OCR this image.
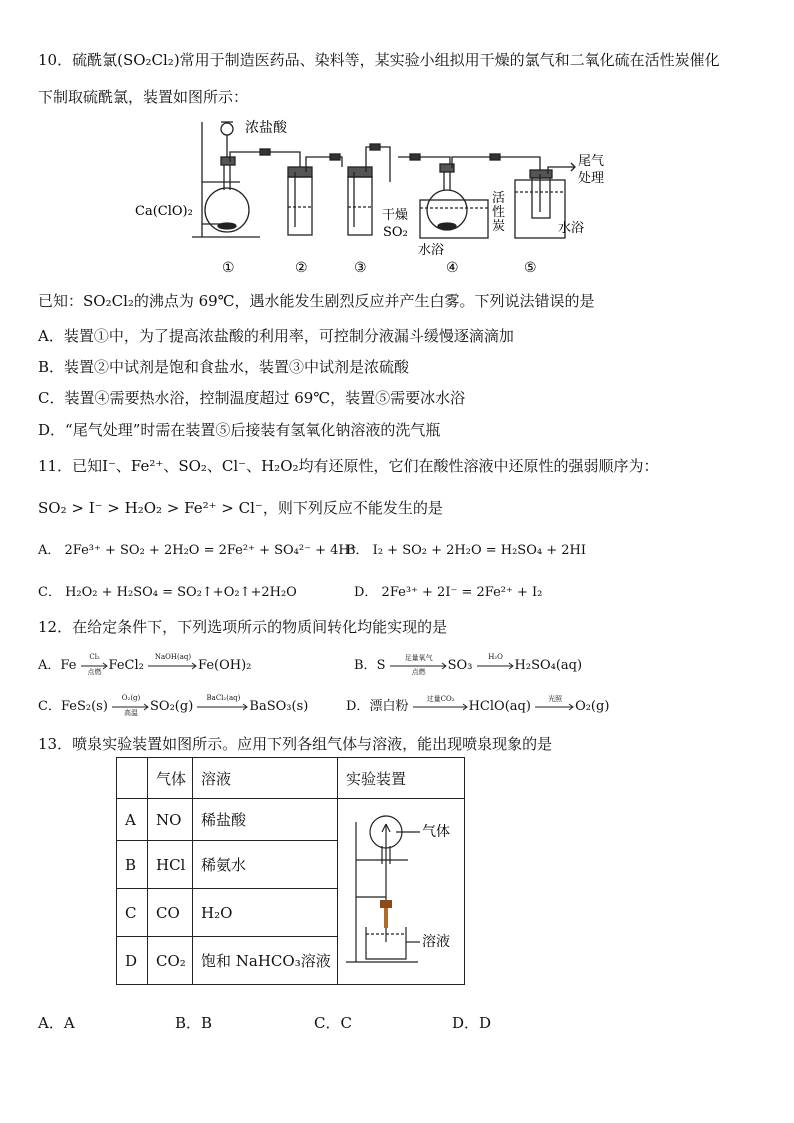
10．硫酰氯(SO₂Cl₂)常用于制造医药品、染料等，某实验小组拟用干燥的氯气和二氧化硫在活性炭催化
下制取硫酰氯，装置如图所示：
浓盐酸
Ca(ClO)₂	干燥
SO₂
活
性
炭
水浴
水浴
尾气
处理
①	②	③	④	⑤
已知：SO₂Cl₂的沸点为 69℃，遇水能发生剧烈反应并产生白雾。下列说法错误的是
A．装置①中，为了提高浓盐酸的利用率，可控制分液漏斗缓慢逐滴滴加
B．装置②中试剂是饱和食盐水，装置③中试剂是浓硫酸
C．装置④需要热水浴，控制温度超过 69℃，装置⑤需要冰水浴
D．“尾气处理”时需在装置⑤后接装有氢氧化钠溶液的洗气瓶
11．已知I⁻、Fe²⁺、SO₂、Cl⁻、H₂O₂均有还原性，它们在酸性溶液中还原性的强弱顺序为：
SO₂ > I⁻ > H₂O₂ > Fe²⁺ > Cl⁻，则下列反应不能发生的是
A． 2Fe³⁺ + SO₂ + 2H₂O = 2Fe²⁺ + SO₄²⁻ + 4H⁺
B． I₂ + SO₂ + 2H₂O = H₂SO₄ + 2HI
C． H₂O₂ + H₂SO₄ = SO₂↑+O₂↑+2H₂O	D． 2Fe³⁺ + 2I⁻ = 2Fe²⁺ + I₂
12．在给定条件下，下列选项所示的物质间转化均能实现的是
A．Fe
Cl₂
点燃 FeCl₂
NaOH(aq)
Fe(OH)₂	B．S
足量氧气
点燃	SO₃
H₂O
H₂SO₄(aq)
C．FeS₂(s)
O₂(g)
高温 SO₂(g)
BaCl₂(aq)
BaSO₃(s)	D．漂白粉
过量CO₂
HClO(aq)
光照
O₂(g)
13．喷泉实验装置如图所示。应用下列各组气体与溶液，能出现喷泉现象的是
	气体	溶液	实验装置
A	NO	稀盐酸	气体
溶液

B	HCl	稀氨水	
C	CO	H₂O	
D	CO₂	饱和 NaHCO₃溶液	
A．A	B．B	C．C	D．D
